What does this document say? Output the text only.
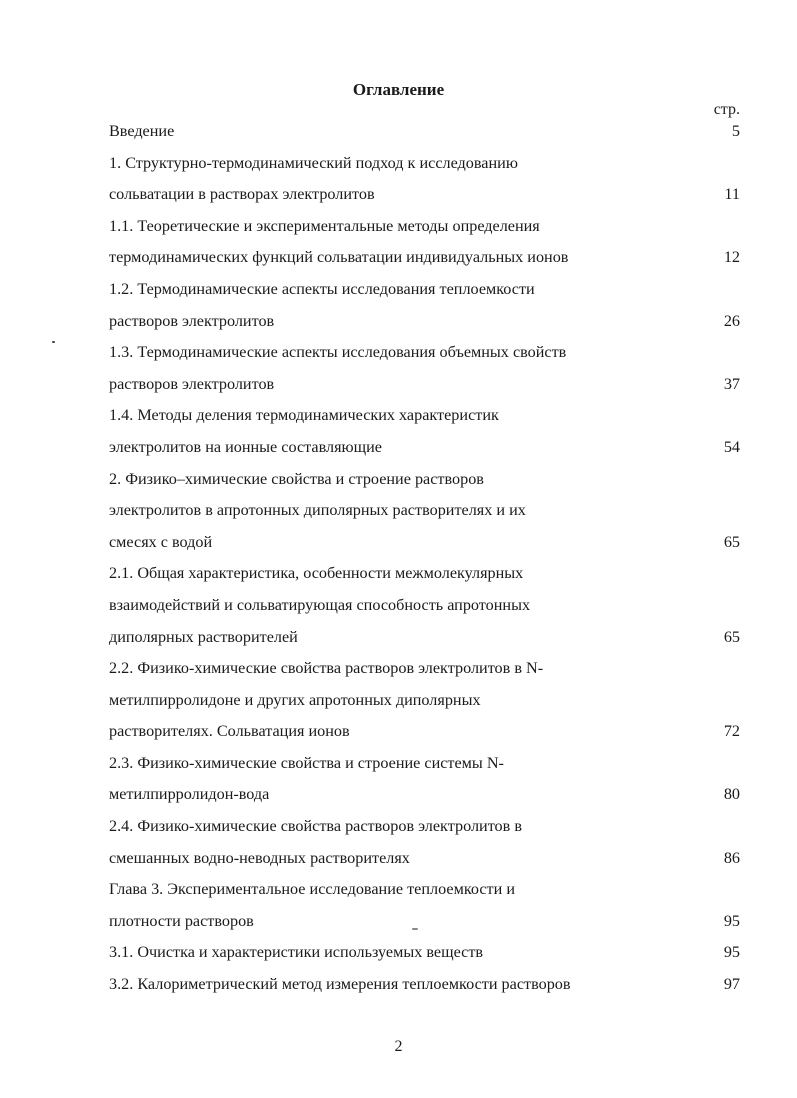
Оглавление
стр.
Введение	5
1. Структурно-термодинамический подход к исследованию
сольватации в растворах электролитов	11
1.1. Теоретические и экспериментальные методы определения
термодинамических функций сольватации индивидуальных ионов	12
1.2. Термодинамические аспекты исследования теплоемкости
растворов электролитов	26
1.3. Термодинамические аспекты исследования объемных свойств
растворов электролитов	37
1.4. Методы деления термодинамических характеристик
электролитов на ионные составляющие	54
2. Физико–химические свойства и строение растворов
электролитов в апротонных диполярных растворителях и их
смесях с водой	65
2.1. Общая характеристика, особенности межмолекулярных
взаимодействий и сольватирующая способность апротонных
диполярных растворителей	65
2.2. Физико-химические свойства растворов электролитов в N-
метилпирролидоне и других апротонных диполярных
растворителях. Сольватация ионов	72
2.3. Физико-химические свойства и строение системы N-
метилпирролидон-вода	80
2.4. Физико-химические свойства растворов электролитов в
смешанных водно-неводных растворителях	86
Глава 3. Экспериментальное исследование теплоемкости и
плотности растворов	95
3.1. Очистка и характеристики используемых веществ	95
3.2. Калориметрический метод измерения теплоемкости растворов	97
2
